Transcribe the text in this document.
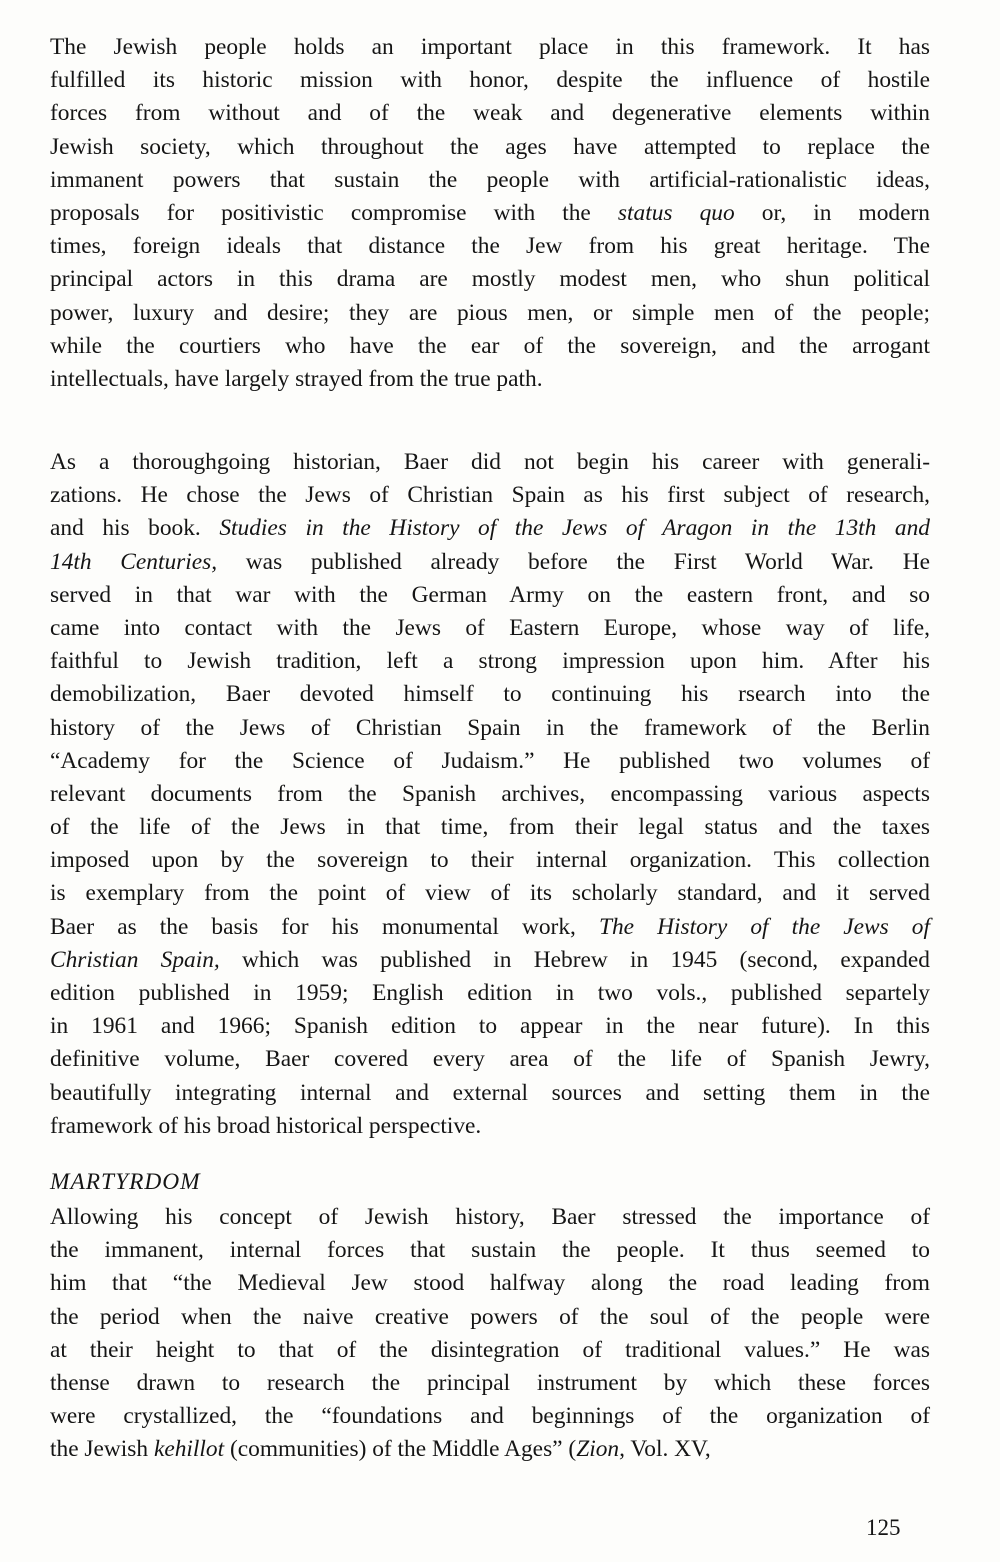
The Jewish people holds an important place in this framework. It has
fulfilled its historic mission with honor, despite the influence of hostile
forces from without and of the weak and degenerative elements within
Jewish society, which throughout the ages have attempted to replace the
immanent powers that sustain the people with artificial-rationalistic ideas,
proposals for positivistic compromise with the status quo or, in modern
times, foreign ideals that distance the Jew from his great heritage. The
principal actors in this drama are mostly modest men, who shun political
power, luxury and desire; they are pious men, or simple men of the people;
while the courtiers who have the ear of the sovereign, and the arrogant
intellectuals, have largely strayed from the true path.
As a thoroughgoing historian, Baer did not begin his career with generali-
zations. He chose the Jews of Christian Spain as his first subject of research,
and his book. Studies in the History of the Jews of Aragon in the 13th and
14th Centuries, was published already before the First World War. He
served in that war with the German Army on the eastern front, and so
came into contact with the Jews of Eastern Europe, whose way of life,
faithful to Jewish tradition, left a strong impression upon him. After his
demobilization, Baer devoted himself to continuing his rsearch into the
history of the Jews of Christian Spain in the framework of the Berlin
“Academy for the Science of Judaism.” He published two volumes of
relevant documents from the Spanish archives, encompassing various aspects
of the life of the Jews in that time, from their legal status and the taxes
imposed upon by the sovereign to their internal organization. This collection
is exemplary from the point of view of its scholarly standard, and it served
Baer as the basis for his monumental work, The History of the Jews of
Christian Spain, which was published in Hebrew in 1945 (second, expanded
edition published in 1959; English edition in two vols., published separtely
in 1961 and 1966; Spanish edition to appear in the near future). In this
definitive volume, Baer covered every area of the life of Spanish Jewry,
beautifully integrating internal and external sources and setting them in the
framework of his broad historical perspective.
MARTYRDOM
Allowing his concept of Jewish history, Baer stressed the importance of
the immanent, internal forces that sustain the people. It thus seemed to
him that “the Medieval Jew stood halfway along the road leading from
the period when the naive creative powers of the soul of the people were
at their height to that of the disintegration of traditional values.” He was
thense drawn to research the principal instrument by which these forces
were crystallized, the “foundations and beginnings of the organization of
the Jewish kehillot (communities) of the Middle Ages” (Zion, Vol. XV,
125
